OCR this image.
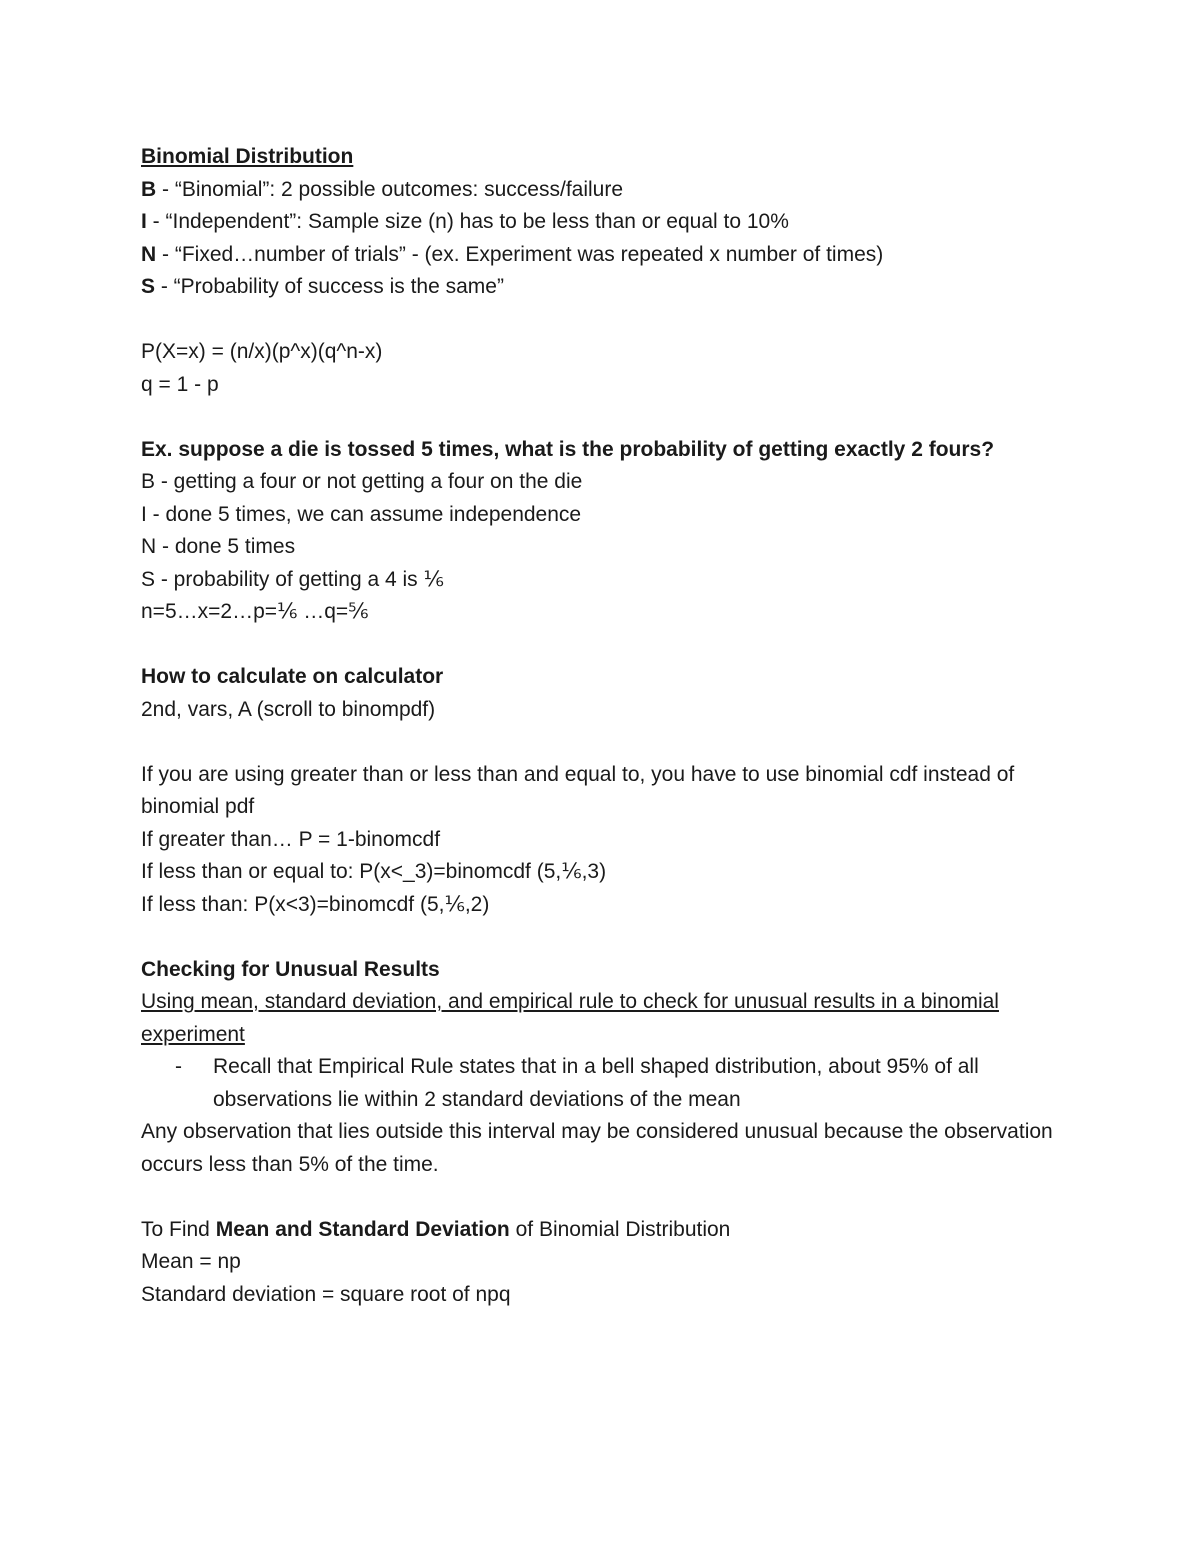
Binomial Distribution
B - “Binomial”: 2 possible outcomes: success/failure
I - “Independent”: Sample size (n) has to be less than or equal to 10%
N - “Fixed…number of trials” - (ex. Experiment was repeated x number of times)
S - “Probability of success is the same”
P(X=x) = (n/x)(p^x)(q^n-x)
q = 1 - p
Ex. suppose a die is tossed 5 times, what is the probability of getting exactly 2 fours?
B - getting a four or not getting a four on the die
I - done 5 times, we can assume independence
N - done 5 times
S - probability of getting a 4 is ⅙
n=5…x=2…p=⅙ …q=⅚
How to calculate on calculator
2nd, vars, A (scroll to binompdf)
If you are using greater than or less than and equal to, you have to use binomial cdf instead of binomial pdf
If greater than… P = 1-binomcdf
If less than or equal to: P(x<_3)=binomcdf (5,⅙,3)
If less than: P(x<3)=binomcdf (5,⅙,2)
Checking for Unusual Results
Using mean, standard deviation, and empirical rule to check for unusual results in a binomial experiment
-	Recall that Empirical Rule states that in a bell shaped distribution, about 95% of all observations lie within 2 standard deviations of the mean
Any observation that lies outside this interval may be considered unusual because the observation occurs less than 5% of the time.
To Find Mean and Standard Deviation of Binomial Distribution
Mean = np
Standard deviation = square root of npq
